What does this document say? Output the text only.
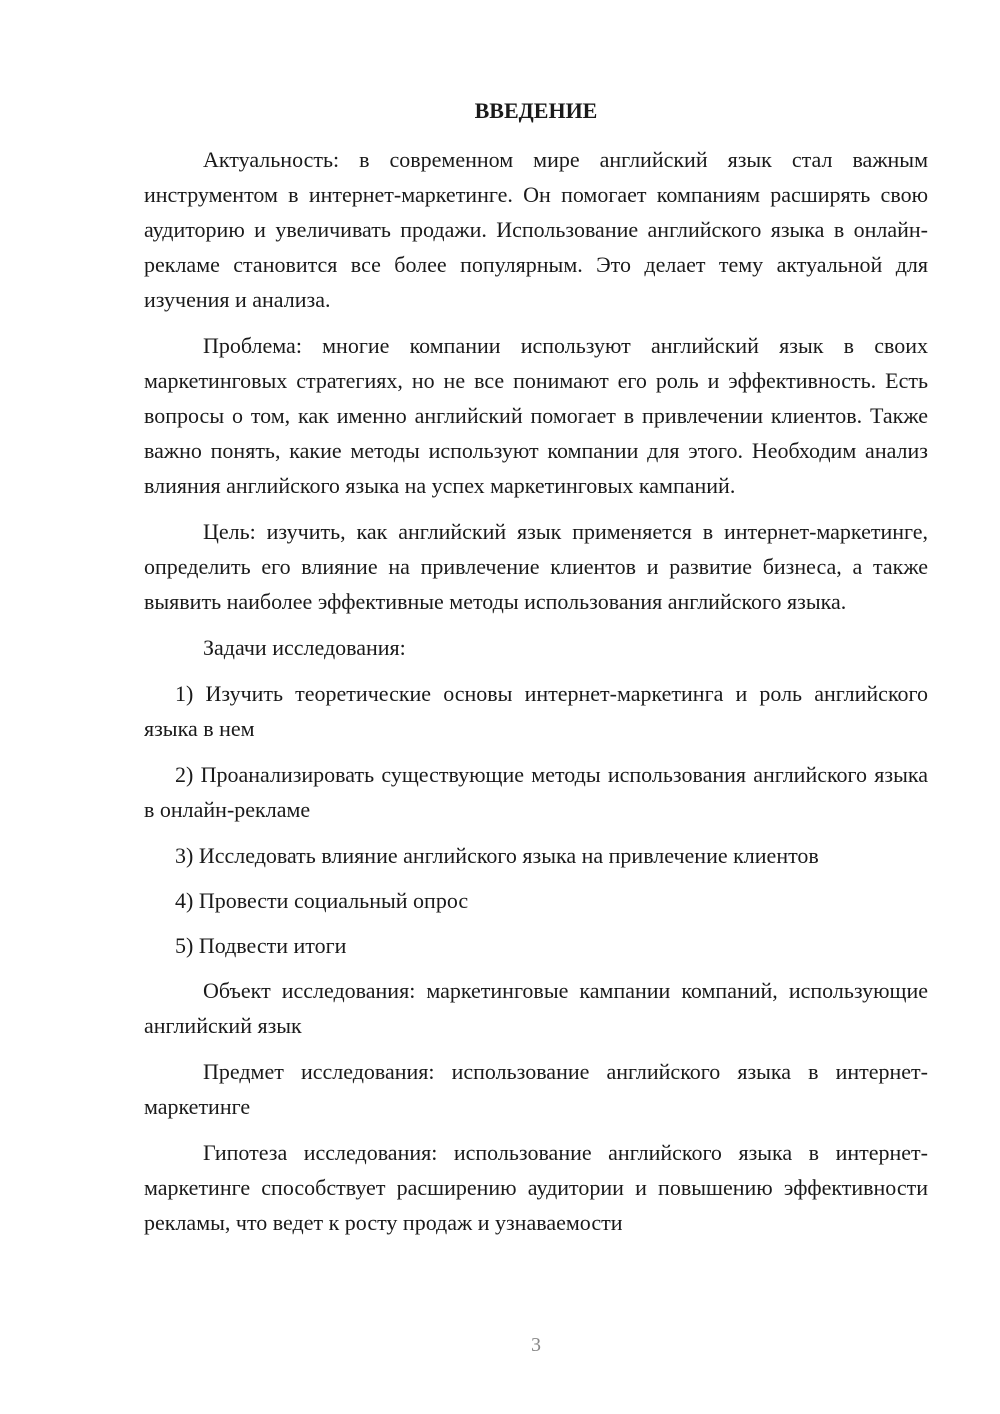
ВВЕДЕНИЕ

Актуальность: в современном мире английский язык стал важным инструментом в интернет-маркетинге. Он помогает компаниям расширять свою аудиторию и увеличивать продажи. Использование английского языка в онлайн-рекламе становится все более популярным. Это делает тему актуальной для изучения и анализа.

Проблема: многие компании используют английский язык в своих маркетинговых стратегиях, но не все понимают его роль и эффективность. Есть вопросы о том, как именно английский помогает в привлечении клиентов. Также важно понять, какие методы используют компании для этого. Необходим анализ влияния английского языка на успех маркетинговых кампаний.

Цель: изучить, как английский язык применяется в интернет-маркетинге, определить его влияние на привлечение клиентов и развитие бизнеса, а также выявить наиболее эффективные методы использования английского языка.

Задачи исследования:

1) Изучить теоретические основы интернет-маркетинга и роль английского языка в нем

2) Проанализировать существующие методы использования английского языка в онлайн-рекламе

3) Исследовать влияние английского языка на привлечение клиентов

4) Провести социальный опрос

5) Подвести итоги

Объект исследования: маркетинговые кампании компаний, использующие английский язык

Предмет исследования: использование английского языка в интернет-маркетинге

Гипотеза исследования: использование английского языка в интернет-маркетинге способствует расширению аудитории и повышению эффективности рекламы, что ведет к росту продаж и узнаваемости

3
